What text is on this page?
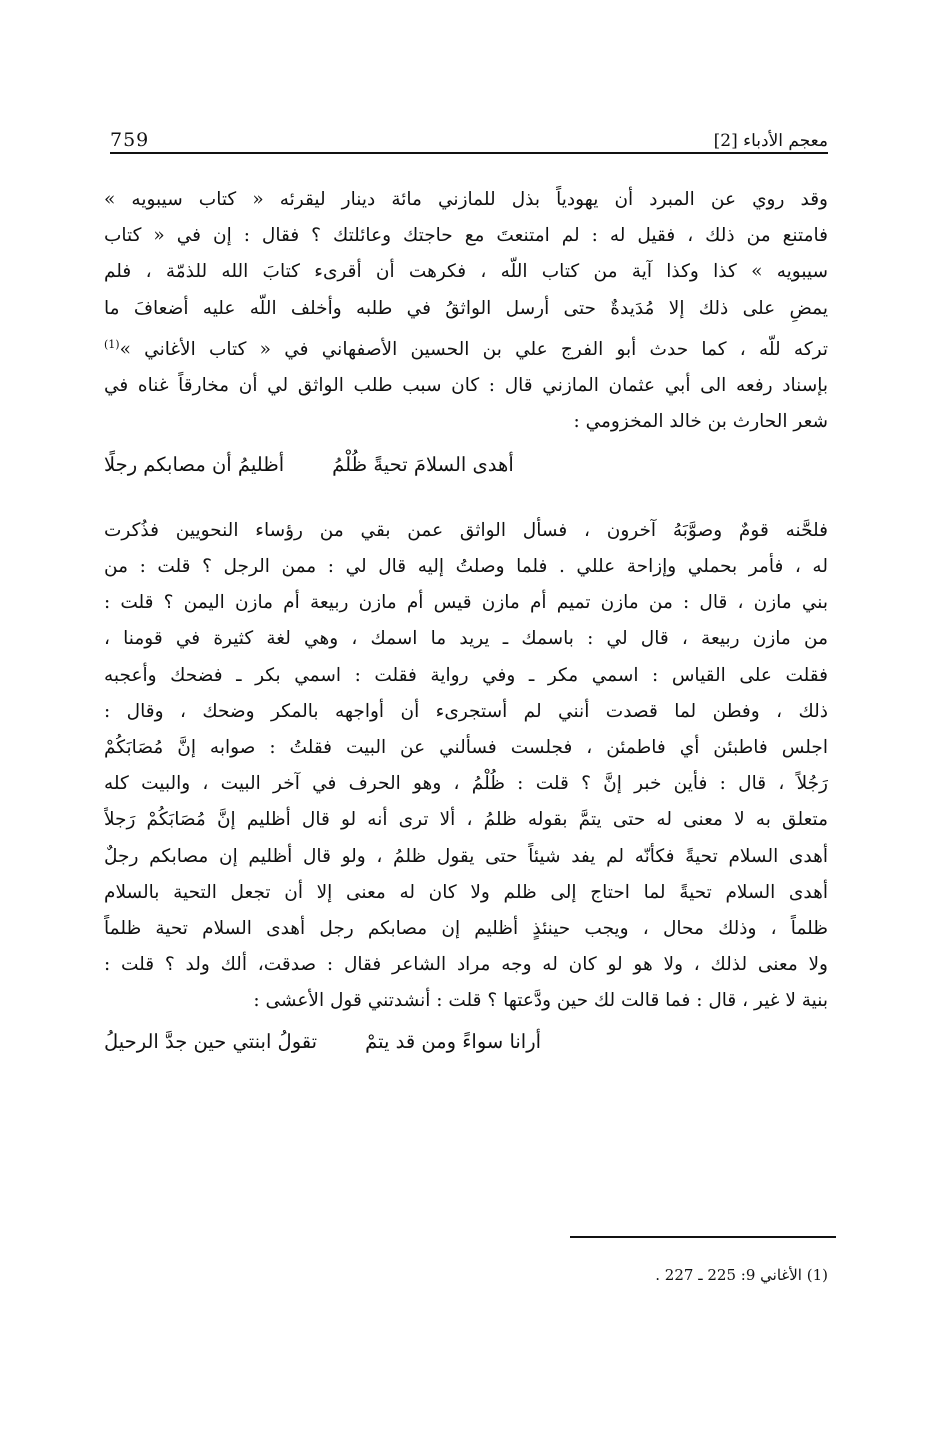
759	معجم الأدباء [2]
وقد روي عن المبرد أن يهودياً بذل للمازني مائة دينار ليقرئه « كتاب سيبويه »
فامتنع من ذلك ، فقيل له : لم امتنعتَ مع حاجتك وعائلتك ؟ فقال : إن في « كتاب
سيبويه » كذا وكذا آية من كتاب اللّه ، فكرهت أن أقرىء كتابَ الله للذمّة ، فلم
يمضِ على ذلك إلا مُدَيدةٌ حتى أرسل الواثقُ في طلبه وأخلف اللّه عليه أضعافَ ما
تركه للّه ، كما حدث أبو الفرج علي بن الحسين الأصفهاني في « كتاب الأغاني »$^{(1)}$
بإسناد رفعه الى أبي عثمان المازني قال : كان سبب طلب الواثق لي أن مخارقاً غناه في
شعر الحارث بن خالد المخزومي :
أهدى السلامَ تحيةً ظُلْمُ
أظليمُ أن مصابكم رجلًا
فلحَّنه قومٌ وصوَّبَهُ آخرون ، فسأل الواثق عمن بقي من رؤساء النحويين فذُكرت
له ، فأمر بحملي وإزاحة عللي . فلما وصلتُ إليه قال لي : ممن الرجل ؟ قلت : من
بني مازن ، قال : من مازن تميم أم مازن قيس أم مازن ربيعة أم مازن اليمن ؟ قلت :
من مازن ربيعة ، قال لي : باسمك ـ يريد ما اسمك ، وهي لغة كثيرة في قومنا ،
فقلت على القياس : اسمي مكر ـ وفي رواية فقلت : اسمي بكر ـ فضحك وأعجبه
ذلك ، وفطن لما قصدت أنني لم أستجرىء أن أواجهه بالمكر وضحك ، وقال :
اجلس فاطبئن أي فاطمئن ، فجلست فسألني عن البيت فقلتُ : صوابه إنَّ مُصَابَكُمْ
رَجُلاً ، قال : فأين خبر إنَّ ؟ قلت : ظُلْمُ ، وهو الحرف في آخر البيت ، والبيت كله
متعلق به لا معنى له حتى يتمَّ بقوله ظلمُ ، ألا ترى أنه لو قال أظليم إنَّ مُصَابَكُمْ رَجلاً
أهدى السلام تحيةً فكأنّه لم يفد شيئاً حتى يقول ظلمُ ، ولو قال أظليم إن مصابكم رجلٌ
أهدى السلام تحيةً لما احتاج إلى ظلم ولا كان له معنى إلا أن تجعل التحية بالسلام
ظلماً ، وذلك محال ، ويجب حينئذٍ أظليم إن مصابكم رجل أهدى السلام تحية ظلماً
ولا معنى لذلك ، ولا هو لو كان له وجه مراد الشاعر فقال : صدقت، ألك ولد ؟ قلت :
بنية لا غير ، قال : فما قالت لك حين ودَّعتها ؟ قلت : أنشدتني قول الأعشى :
أرانا سواءً ومن قد يتمْ
تقولُ ابنتي حين جدَّ الرحيلُ
(1) الأغاني 9: 225 ـ 227 .
